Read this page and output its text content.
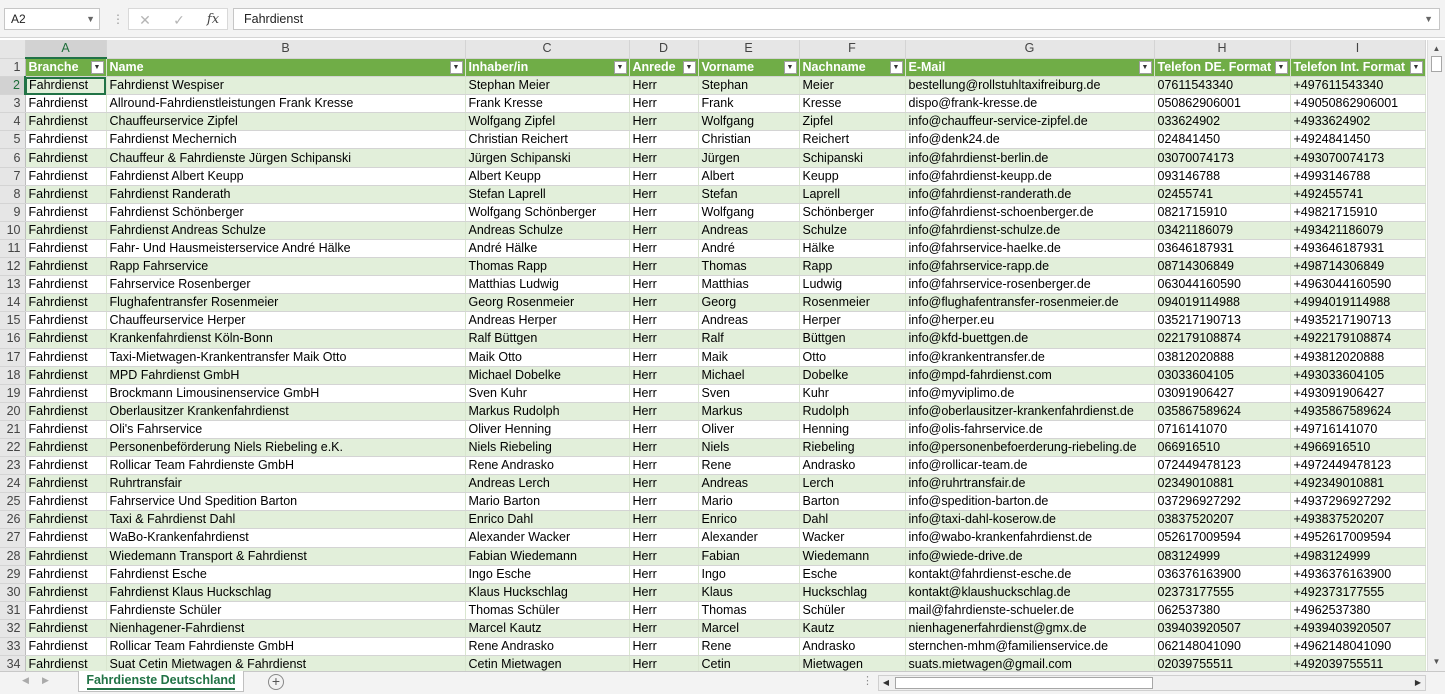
A2	▼ ⋮	✕	✓	fx	Fahrdienst	▼
	A	B	C	D	E	F	G	H	I
1	Branche ▼	Name ▼	Inhaber/in ▼	Anrede ▼	Vorname ▼	Nachname ▼	E-Mail ▼	Telefon DE. Format ▼	Telefon Int. Format ▼

2	Fahrdienst	Fahrdienst Wespiser	Stephan Meier	Herr	Stephan	Meier	bestellung@rollstuhltaxifreiburg.de	07611543340	+497611543340
3	Fahrdienst	Allround-Fahrdienstleistungen Frank Kresse	Frank Kresse	Herr	Frank	Kresse	dispo@frank-kresse.de	050862906001	+49050862906001
4	Fahrdienst	Chauffeurservice Zipfel	Wolfgang Zipfel	Herr	Wolfgang	Zipfel	info@chauffeur-service-zipfel.de	033624902	+4933624902
5	Fahrdienst	Fahrdienst Mechernich	Christian Reichert	Herr	Christian	Reichert	info@denk24.de	024841450	+4924841450
6	Fahrdienst	Chauffeur & Fahrdienste Jürgen Schipanski	Jürgen Schipanski	Herr	Jürgen	Schipanski	info@fahrdienst-berlin.de	03070074173	+493070074173
7	Fahrdienst	Fahrdienst Albert Keupp	Albert Keupp	Herr	Albert	Keupp	info@fahrdienst-keupp.de	093146788	+4993146788
8	Fahrdienst	Fahrdienst Randerath	Stefan Laprell	Herr	Stefan	Laprell	info@fahrdienst-randerath.de	02455741	+492455741
9	Fahrdienst	Fahrdienst Schönberger	Wolfgang Schönberger	Herr	Wolfgang	Schönberger	info@fahrdienst-schoenberger.de	0821715910	+49821715910
10	Fahrdienst	Fahrdienst Andreas Schulze	Andreas Schulze	Herr	Andreas	Schulze	info@fahrdienst-schulze.de	03421186079	+493421186079
11	Fahrdienst	Fahr- Und Hausmeisterservice André Hälke	André Hälke	Herr	André	Hälke	info@fahrservice-haelke.de	03646187931	+493646187931
12	Fahrdienst	Rapp Fahrservice	Thomas Rapp	Herr	Thomas	Rapp	info@fahrservice-rapp.de	08714306849	+498714306849
13	Fahrdienst	Fahrservice Rosenberger	Matthias Ludwig	Herr	Matthias	Ludwig	info@fahrservice-rosenberger.de	063044160590	+4963044160590
14	Fahrdienst	Flughafentransfer Rosenmeier	Georg Rosenmeier	Herr	Georg	Rosenmeier	info@flughafentransfer-rosenmeier.de	094019114988	+4994019114988
15	Fahrdienst	Chauffeurservice Herper	Andreas Herper	Herr	Andreas	Herper	info@herper.eu	035217190713	+4935217190713
16	Fahrdienst	Krankenfahrdienst Köln-Bonn	Ralf Büttgen	Herr	Ralf	Büttgen	info@kfd-buettgen.de	022179108874	+4922179108874
17	Fahrdienst	Taxi-Mietwagen-Krankentransfer Maik Otto	Maik Otto	Herr	Maik	Otto	info@krankentransfer.de	03812020888	+493812020888
18	Fahrdienst	MPD Fahrdienst GmbH	Michael Dobelke	Herr	Michael	Dobelke	info@mpd-fahrdienst.com	03033604105	+493033604105
19	Fahrdienst	Brockmann Limousinenservice GmbH	Sven Kuhr	Herr	Sven	Kuhr	info@myviplimo.de	03091906427	+493091906427
20	Fahrdienst	Oberlausitzer Krankenfahrdienst	Markus Rudolph	Herr	Markus	Rudolph	info@oberlausitzer-krankenfahrdienst.de	035867589624	+4935867589624
21	Fahrdienst	Oli's Fahrservice	Oliver Henning	Herr	Oliver	Henning	info@olis-fahrservice.de	0716141070	+49716141070
22	Fahrdienst	Personenbeförderung Niels Riebeling e.K.	Niels Riebeling	Herr	Niels	Riebeling	info@personenbefoerderung-riebeling.de	066916510	+4966916510
23	Fahrdienst	Rollicar Team Fahrdienste GmbH	Rene Andrasko	Herr	Rene	Andrasko	info@rollicar-team.de	072449478123	+4972449478123
24	Fahrdienst	Ruhrtransfair	Andreas Lerch	Herr	Andreas	Lerch	info@ruhrtransfair.de	02349010881	+492349010881
25	Fahrdienst	Fahrservice Und Spedition Barton	Mario Barton	Herr	Mario	Barton	info@spedition-barton.de	037296927292	+4937296927292
26	Fahrdienst	Taxi & Fahrdienst Dahl	Enrico Dahl	Herr	Enrico	Dahl	info@taxi-dahl-koserow.de	03837520207	+493837520207
27	Fahrdienst	WaBo-Krankenfahrdienst	Alexander Wacker	Herr	Alexander	Wacker	info@wabo-krankenfahrdienst.de	052617009594	+4952617009594
28	Fahrdienst	Wiedemann Transport & Fahrdienst	Fabian Wiedemann	Herr	Fabian	Wiedemann	info@wiede-drive.de	083124999	+4983124999
29	Fahrdienst	Fahrdienst Esche	Ingo Esche	Herr	Ingo	Esche	kontakt@fahrdienst-esche.de	036376163900	+4936376163900
30	Fahrdienst	Fahrdienst Klaus Huckschlag	Klaus Huckschlag	Herr	Klaus	Huckschlag	kontakt@klaushuckschlag.de	02373177555	+492373177555
31	Fahrdienst	Fahrdienste Schüler	Thomas Schüler	Herr	Thomas	Schüler	mail@fahrdienste-schueler.de	062537380	+4962537380
32	Fahrdienst	Nienhagener-Fahrdienst	Marcel Kautz	Herr	Marcel	Kautz	nienhagenerfahrdienst@gmx.de	039403920507	+4939403920507
33	Fahrdienst	Rollicar Team Fahrdienste GmbH	Rene Andrasko	Herr	Rene	Andrasko	sternchen-mhm@familienservice.de	062148041090	+4962148041090
34	Fahrdienst	Suat Cetin Mietwagen & Fahrdienst	Cetin Mietwagen	Herr	Cetin	Mietwagen	suats.mietwagen@gmail.com	02039755511	+492039755511
▲
▼
◀ ▶	Fahrdienste Deutschland	+	⋮	◀	▶
